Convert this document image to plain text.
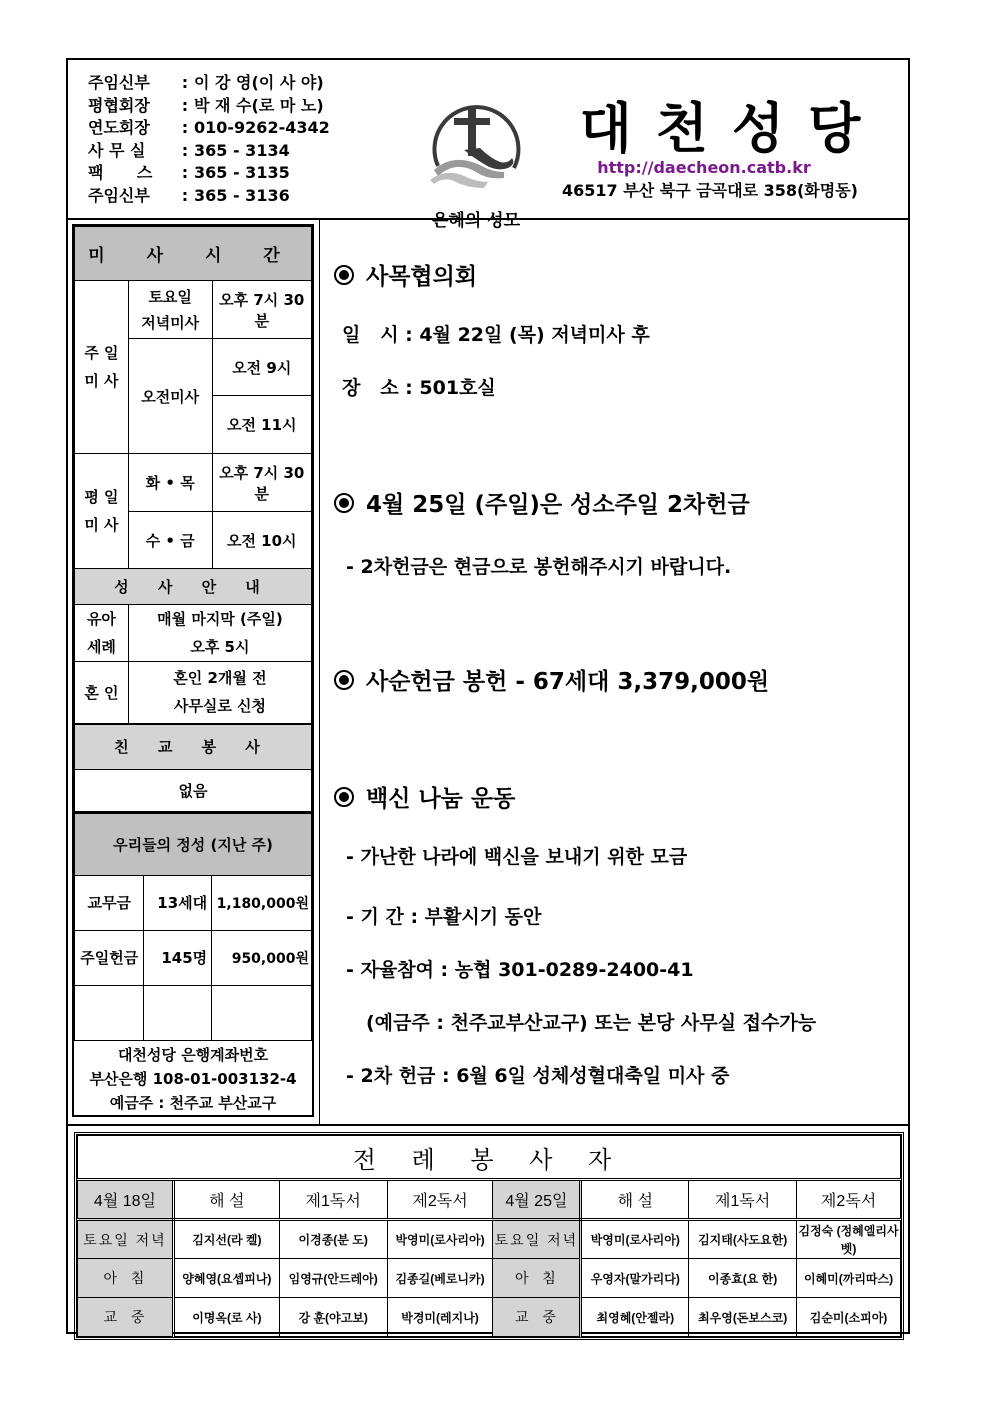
주임신부	: 이 강 영(이 사 야)
평협회장	: 박 재 수(로 마 노)
연도회장	: 010-9262-4342
사 무 실	: 365 - 3134
팩      스	: 365 - 3135
주임신부	: 365 - 3136
은혜의 성모
대천성당
http://daecheon.catb.kr
46517 부산 북구 금곡대로 358(화명동)
미 사 시 간		
주 일 미 사	토요일 저녁미사	오후 7시 30분
	오전미사	오전 9시
		오전 11시
평 일 미 사	화 • 목	오후 7시 30분
	수 • 금	오전 10시
성 사 안 내		
유아 세례	매월 마지막 (주일)
오후 5시	

혼 인	혼인 2개월 전
사무실로 신청	

친 교 봉 사		
없음		
우리들의 정성 (지난 주)		
교무금	13세대	1,180,000원
주일헌금	145명	950,000원

대천성당 은행계좌번호
부산은행 108-01-003132-4
예금주 : 천주교 부산교구
사목협의회
일   시 : 4월 22일 (목) 저녁미사 후
장   소 : 501호실
4월 25일 (주일)은 성소주일 2차헌금
- 2차헌금은 현금으로 봉헌해주시기 바랍니다.
사순헌금 봉헌 - 67세대 3,379,000원
백신 나눔 운동
- 가난한 나라에 백신을 보내기 위한 모금
- 기 간 : 부활시기 동안
- 자율참여 : 농협 301-0289-2400-41
(예금주 : 천주교부산교구) 또는 본당 사무실 접수가능
- 2차 헌금 : 6월 6일 성체성혈대축일 미사 중
전 례 봉 사 자							
4월 18일	해 설	제1독서	제2독서	4월 25일	해 설	제1독서	제2독서
토요일 저녁	김지선(라 켈)	이경종(분 도)	박영미(로사리아)	토요일 저녁	박영미(로사리아)	김지태(사도요한)	김정숙 (정혜엘리사벳)
아  침	양혜영(요셉피나)	임영규(안드레아)	김종길(베로니카)	아  침	우영자(말가리다)	이종효(요 한)	이혜미(까리따스)
교  중	이명옥(로 사)	강 훈(야고보)	박경미(레지나)	교  중	최영혜(안젤라)	최우영(돈보스코)	김순미(소피아)
